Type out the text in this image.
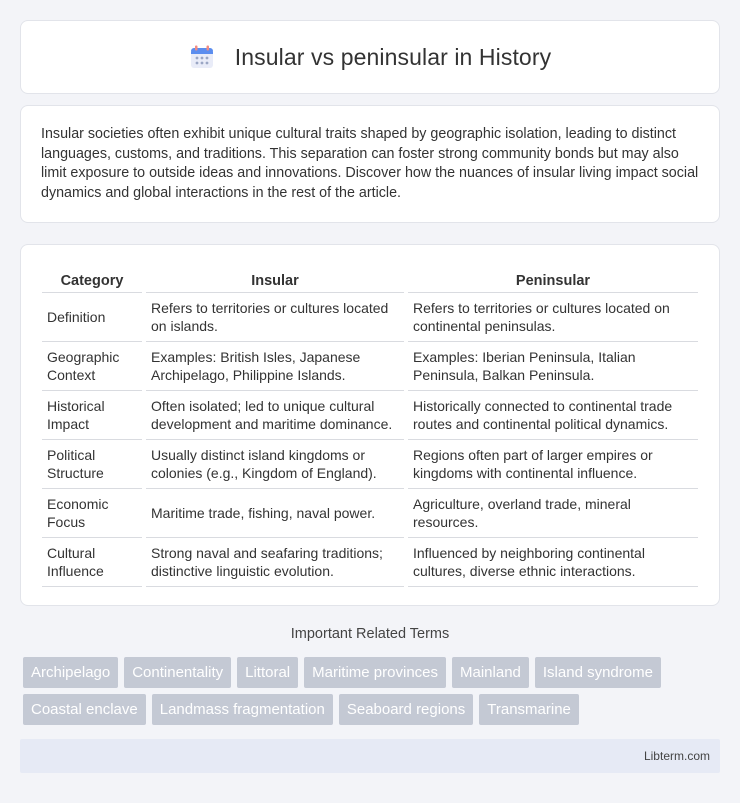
Insular vs peninsular in History

Insular societies often exhibit unique cultural traits shaped by geographic isolation, leading to distinct languages, customs, and traditions. This separation can foster strong community bonds but may also limit exposure to outside ideas and innovations. Discover how the nuances of insular living impact social dynamics and global interactions in the rest of the article.

Category	Insular	Peninsular
Definition	Refers to territories or cultures located on islands.	Refers to territories or cultures located on continental peninsulas.
Geographic Context	Examples: British Isles, Japanese Archipelago, Philippine Islands.	Examples: Iberian Peninsula, Italian Peninsula, Balkan Peninsula.
Historical Impact	Often isolated; led to unique cultural development and maritime dominance.	Historically connected to continental trade routes and continental political dynamics.
Political Structure	Usually distinct island kingdoms or colonies (e.g., Kingdom of England).	Regions often part of larger empires or kingdoms with continental influence.
Economic Focus	Maritime trade, fishing, naval power.	Agriculture, overland trade, mineral resources.
Cultural Influence	Strong naval and seafaring traditions; distinctive linguistic evolution.	Influenced by neighboring continental cultures, diverse ethnic interactions.
Important Related Terms
Archipelago	Continentality	Littoral	Maritime provinces	Mainland	Island syndrome
Coastal enclave	Landmass fragmentation	Seaboard regions	Transmarine
Libterm.com
